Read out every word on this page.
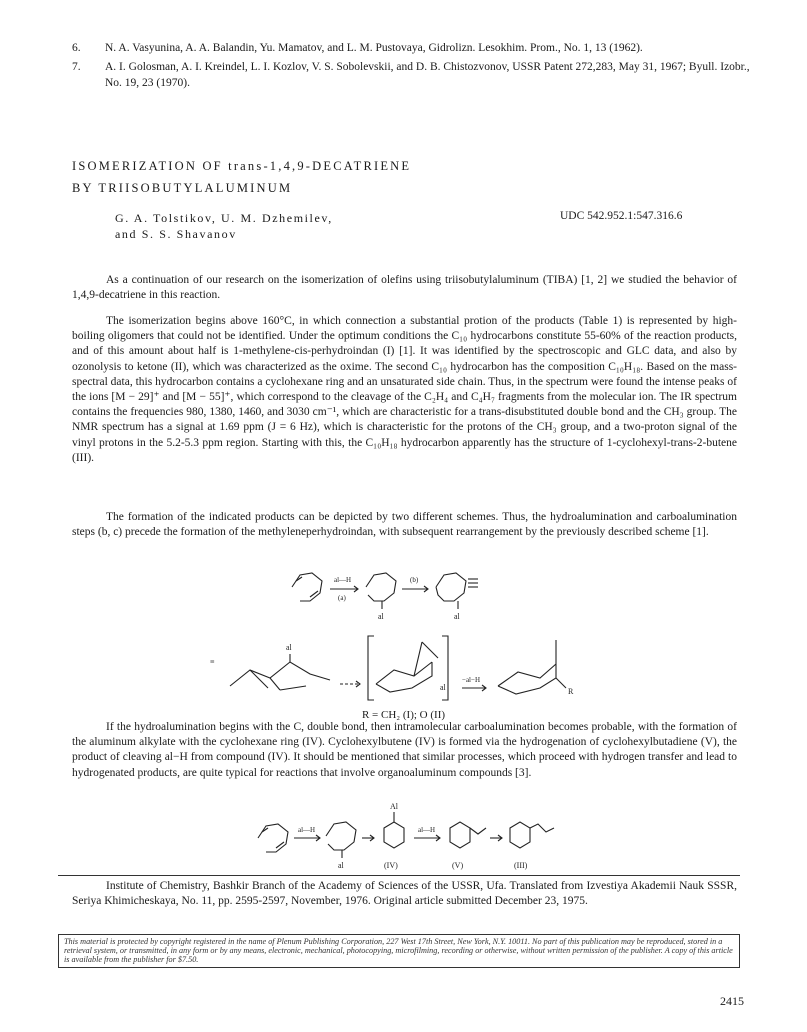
6.	N. A. Vasyunina, A. A. Balandin, Yu. Mamatov, and L. M. Pustovaya, Gidrolizn. Lesokhim. Prom., No. 1, 13 (1962).
7.	A. I. Golosman, A. I. Kreindel, L. I. Kozlov, V. S. Sobolevskii, and D. B. Chistozvonov, USSR Patent 272,283, May 31, 1967; Byull. Izobr., No. 19, 23 (1970).
ISOMERIZATION OF trans-1,4,9-DECATRIENE
BY TRIISOBUTYLALUMINUM
G. A. Tolstikov, U. M. Dzhemilev,
and S. S. Shavanov
UDC 542.952.1:547.316.6

As a continuation of our research on the isomerization of olefins using triisobutylaluminum (TIBA) [1, 2] we studied the behavior of 1,4,9-decatriene in this reaction.

The isomerization begins above 160°C, in which connection a substantial protion of the products (Table 1) is represented by high-boiling oligomers that could not be identified. Under the optimum conditions the C₁₀ hydrocarbons constitute 55-60% of the reaction products, and of this amount about half is 1-methylene-cis-perhydroindan (I) [1]. It was identified by the spectroscopic and GLC data, and also by ozonolysis to ketone (II), which was characterized as the oxime. The second C₁₀ hydrocarbon has the composition C₁₀H₁₈. Based on the mass-spectral data, this hydrocarbon contains a cyclohexane ring and an unsaturated side chain. Thus, in the spectrum were found the intense peaks of the ions [M − 29]⁺ and [M − 55]⁺, which correspond to the cleavage of the C₂H₄ and C₄H₇ fragments from the molecular ion. The IR spectrum contains the frequencies 980, 1380, 1460, and 3030 cm⁻¹, which are characteristic for a trans-disubstituted double bond and the CH₃ group. The NMR spectrum has a signal at 1.69 ppm (J = 6 Hz), which is characteristic for the protons of the CH₃ group, and a two-proton signal of the vinyl protons in the 5.2-5.3 ppm region. Starting with this, the C₁₀H₁₈ hydrocarbon apparently has the structure of 1-cyclohexyl-trans-2-butene (III).

The formation of the indicated products can be depicted by two different schemes. Thus, the hydroalumination and carboalumination steps (b, c) precede the formation of the methyleneperhydroindan, with subsequent rearrangement by the previously described scheme [1].

al—H
(a)
(b)
al	al
≡
al
al
−al−H
R
R = CH₂ (I); O (II)

If the hydroalumination begins with the C, double bond, then intramolecular carboalumination becomes probable, with the formation of the aluminum alkylate with the cyclohexane ring (IV). Cyclohexylbutene (IV) is formed via the hydrogenation of cyclohexylbutadiene (V), the product of cleaving al−H from compound (IV). It should be mentioned that similar processes, which proceed with hydrogen transfer and lead to hydrogenated products, are quite typical for reactions that involve organoaluminum compounds [3].

al—H
Al
al—H
al	(IV)	(V)	(III)

Institute of Chemistry, Bashkir Branch of the Academy of Sciences of the USSR, Ufa. Translated from Izvestiya Akademii Nauk SSSR, Seriya Khimicheskaya, No. 11, pp. 2595-2597, November, 1976. Original article submitted December 23, 1975.

This material is protected by copyright registered in the name of Plenum Publishing Corporation, 227 West 17th Street, New York, N.Y. 10011. No part of this publication may be reproduced, stored in a retrieval system, or transmitted, in any form or by any means, electronic, mechanical, photocopying, microfilming, recording or otherwise, without written permission of the publisher. A copy of this article is available from the publisher for $7.50.
2415
